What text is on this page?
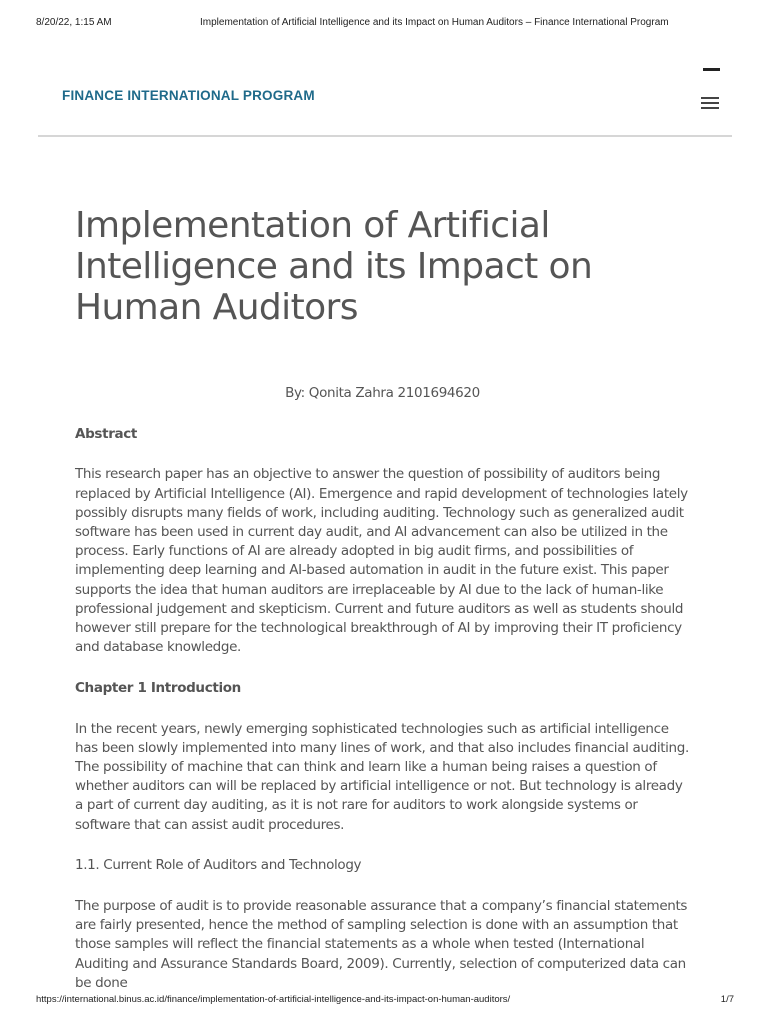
8/20/22, 1:15 AM	Implementation of Artificial Intelligence and its Impact on Human Auditors – Finance International Program
FINANCE INTERNATIONAL PROGRAM
Implementation of Artificial Intelligence and its Impact on Human Auditors

By: Qonita Zahra 2101694620

Abstract

This research paper has an objective to answer the question of possibility of auditors being replaced by Artificial Intelligence (AI). Emergence and rapid development of technologies lately possibly disrupts many fields of work, including auditing. Technology such as generalized audit software has been used in current day audit, and AI advancement can also be utilized in the process. Early functions of AI are already adopted in big audit firms, and possibilities of implementing deep learning and AI-based automation in audit in the future exist. This paper supports the idea that human auditors are irreplaceable by AI due to the lack of human-like professional judgement and skepticism. Current and future auditors as well as students should however still prepare for the technological breakthrough of AI by improving their IT proficiency and database knowledge.

Chapter 1 Introduction

In the recent years, newly emerging sophisticated technologies such as artificial intelligence has been slowly implemented into many lines of work, and that also includes financial auditing. The possibility of machine that can think and learn like a human being raises a question of whether auditors can will be replaced by artificial intelligence or not. But technology is already a part of current day auditing, as it is not rare for auditors to work alongside systems or software that can assist audit procedures.

1.1. Current Role of Auditors and Technology

The purpose of audit is to provide reasonable assurance that a company’s financial statements are fairly presented, hence the method of sampling selection is done with an assumption that those samples will reflect the financial statements as a whole when tested (International Auditing and Assurance Standards Board, 2009). Currently, selection of computerized data can be done

https://international.binus.ac.id/finance/implementation-of-artificial-intelligence-and-its-impact-on-human-auditors/	1/7
